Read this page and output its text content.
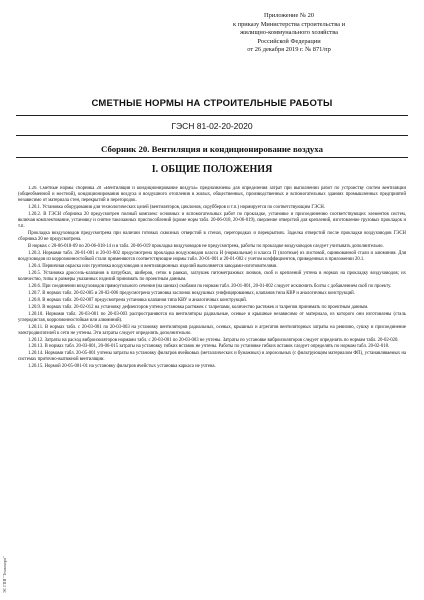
ЭС ГПИ "Технокорп"
Приложение № 20
к приказу Министерства строительства и
жилищно-коммунального хозяйства
Российской Федерации
от 26 декабря 2019 г. № 871/пр
СМЕТНЫЕ НОРМЫ НА СТРОИТЕЛЬНЫЕ РАБОТЫ
ГЭСН 81-02-20-2020
Сборник 20. Вентиляция и кондиционирование воздуха
I. ОБЩИЕ ПОЛОЖЕНИЯ

1.20. Сметные нормы сборника 20 «Вентиляция и кондиционирование воздуха» предназначены для определения затрат при выполнении работ по устройству систем вентиляции (общеобменной и местной), кондиционирования воздуха и воздушного отопления в жилых, общественных, производственных и вспомогательных зданиях промышленных предприятий независимо от материала стен, перекрытий и перегородок.

1.20.1. Установка оборудования для технологических целей (вентиляторов, циклонов, скрубберов и т.п.) нормируется по соответствующим ГЭСН.

1.20.2. В ГЭСН сборника 20 предусмотрен полный комплекс основных и вспомогательных работ по прокладке, установке и присоединению соответствующих элементов систем, включая комплектование, установку и снятие такелажных приспособлений (кроме норм табл. 20-06-018, 20-06-019), сверление отверстий для креплений, изготовление грузовых прокладок и т.п.

Прокладка воздуховодов предусмотрена при наличии готовых сквозных отверстий в стенах, перегородках и перекрытиях. Заделка отверстий после прокладки воздуховодов ГЭСН сборника 20 не предусмотрена.

В нормах с 20-06-018-09 по 20-06-018-14 и в табл. 20-06-019 прокладка воздуховодов не предусмотрена, работы по прокладке воздуховодов следует учитывать дополнительно.

1.20.3. Нормами табл. 20-01-001 и 20-01-002 предусмотрена прокладка воздуховодов класса Н (нормальные) и класса П (плотные) из листовой, оцинкованной стали и алюминия. Для воздуховодов из коррозионностойкой стали применяются соответствующие нормы табл. 20-01-001 и 20-01-002 с учетом коэффициентов, приведенных в приложении 20.1.

1.20.4. Первичная окраска или грунтовка воздуховодов и вентиляционных изделий выполняется заводами-изготовителями.

1.20.5. Установка дроссель-клапанов в патрубках, шиберов, сеток в рамках, заглушек питометражных лючков, скоб и креплений учтена в нормах на прокладку воздуховодов; их количество, типы и размеры указанных изделий принимать по проектным данным.

1.20.6. При соединении воздуховодов прямоугольного сечения (на шинах) скобами по нормам табл. 20-01-001, 20-01-002 следует исключить болты с добавлением скоб по проекту.

1.20.7. В нормах табл. 20-02-005 и 20-02-006 предусмотрена установка заслонок воздушных унифицированных, клапанов типа КВР и аналогичных конструкций.

1.20.8. В нормах табл. 20-02-007 предусмотрена установка клапанов типа КВУ и аналогичных конструкций.

1.20.9. В нормах табл. 20-02-012 на установку дефлекторов учтена установка растяжек с талрепами, количество растяжек и талрепов принимать по проектным данным.

1.20.10. Нормами табл. 20-03-001 по 20-03-003 распространяются на вентиляторы радиальные, осевые и крышные независимо от материала, из которого они изготовлены (сталь углеродистая, коррозионностойкая или алюминий).

1.20.11. В нормах табл. с 20-03-001 по 20-03-003 на установку вентиляторов радиальных, осевых, крышных и агрегатов вентиляторных затраты на ревизию, сушку и присоединение электродвигателей к сети не учтены. Эти затраты следует определять дополнительно.

1.20.12. Затраты на расход виброизоляторов нормами табл. с 20-03-001 по 20-03-003 не учтены. Затраты по установке виброизоляторов следует определять по нормам табл. 20-02-020.

1.20.13. В нормах табл. 20-03-001, 20-06-015 затраты на установку гибких вставок не учтены. Работы по установке гибких вставок следует определять по нормам табл. 20-02-018.

1.20.14. Нормами табл. 20-05-001 учтены затраты на установку фильтров ячейковых (металлических и бумажных) и аэрозольных (с фильтрующим материалом ФП), устанавливаемых на системах приточно-вытяжной вентиляции.

1.20.15. Нормой 20-05-001-01 на установку фильтров ячейстых установка каркаса не учтена.
